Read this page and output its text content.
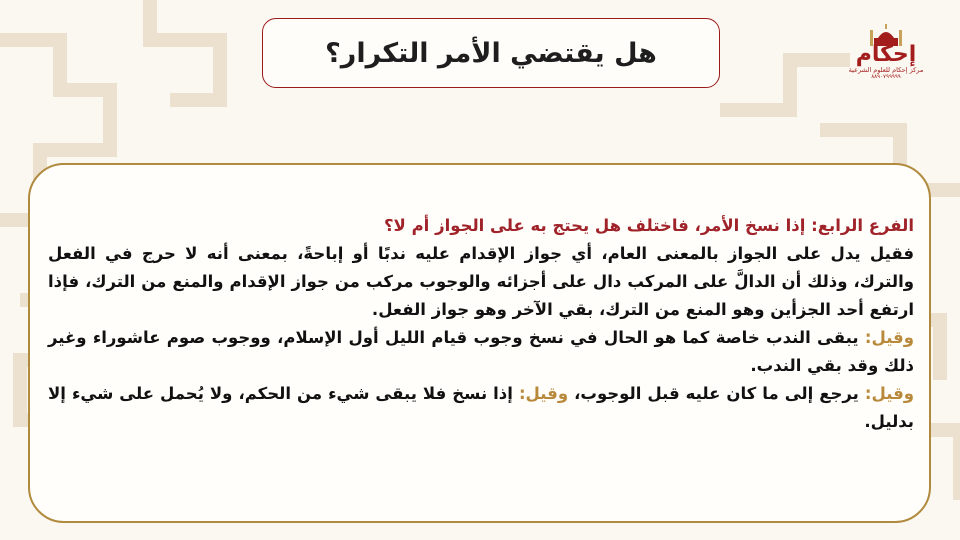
هل يقتضي الأمر التكرار؟	إحكام
مركز إحكام للعلوم الشرعية
٨٨٩٠٧٩٩٩٩٩

الفرع الرابع: إذا نسخ الأمر، فاختلف هل يحتج به على الجواز أم لا؟

فقيل يدل على الجواز بالمعنى العام، أي جواز الإقدام عليه ندبًا أو إباحةً، بمعنى أنه لا حرج في الفعل والترك، وذلك أن الدالَّ على المركب دال على أجزائه والوجوب مركب من جواز الإقدام والمنع من الترك، فإذا ارتفع أحد الجزأين وهو المنع من الترك، بقي الآخر وهو جواز الفعل.

وقيل: يبقى الندب خاصة كما هو الحال في نسخ وجوب قيام الليل أول الإسلام، ووجوب صوم عاشوراء وغير ذلك وقد بقي الندب.

وقيل: يرجع إلى ما كان عليه قبل الوجوب، وقيل: إذا نسخ فلا يبقى شيء من الحكم، ولا يُحمل على شيء إلا بدليل.
